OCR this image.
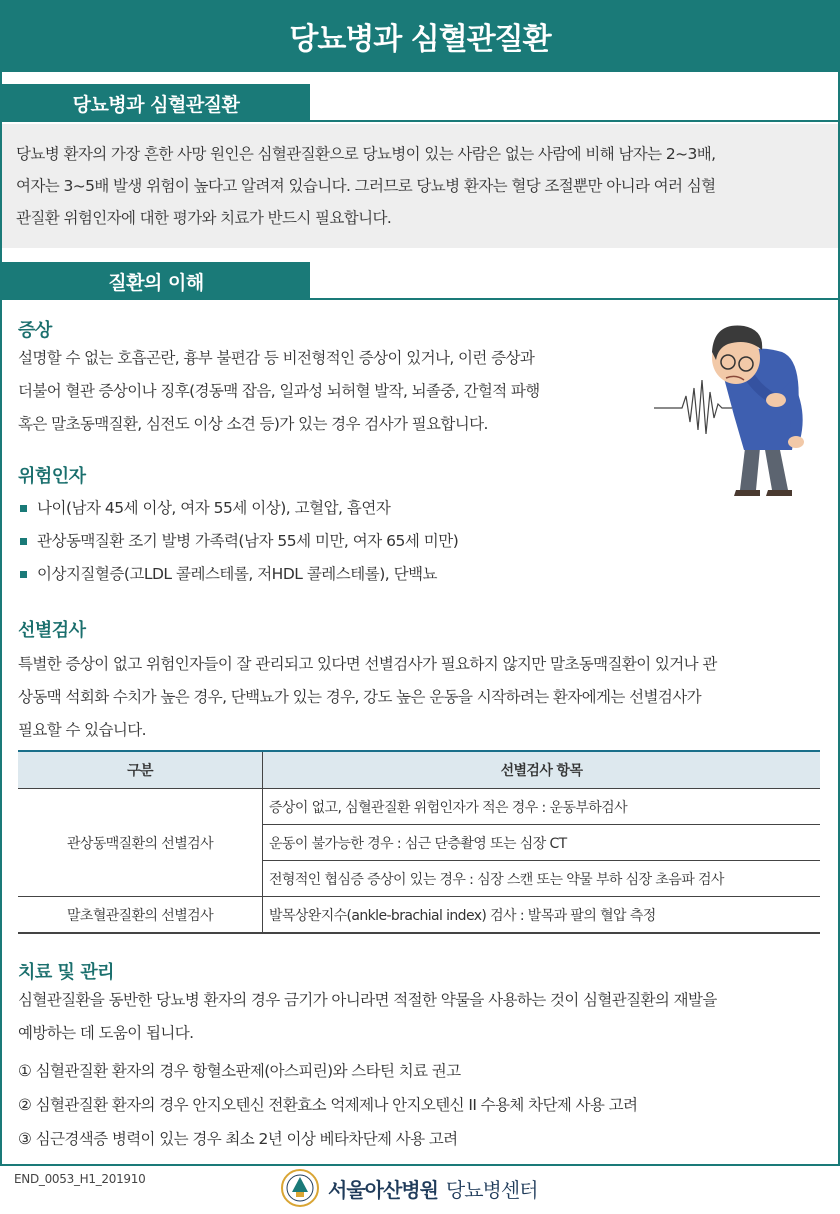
당뇨병과 심혈관질환
당뇨병과 심혈관질환
당뇨병 환자의 가장 흔한 사망 원인은 심혈관질환으로 당뇨병이 있는 사람은 없는 사람에 비해 남자는 2~3배,
여자는 3~5배 발생 위험이 높다고 알려져 있습니다. 그러므로 당뇨병 환자는 혈당 조절뿐만 아니라 여러 심혈
관질환 위험인자에 대한 평가와 치료가 반드시 필요합니다.
질환의 이해
증상
설명할 수 없는 호흡곤란, 흉부 불편감 등 비전형적인 증상이 있거나, 이런 증상과
더불어 혈관 증상이나 징후(경동맥 잡음, 일과성 뇌허혈 발작, 뇌졸중, 간헐적 파행
혹은 말초동맥질환, 심전도 이상 소견 등)가 있는 경우 검사가 필요합니다.
위험인자
나이(남자 45세 이상, 여자 55세 이상), 고혈압, 흡연자
관상동맥질환 조기 발병 가족력(남자 55세 미만, 여자 65세 미만)
이상지질혈증(고LDL 콜레스테롤, 저HDL 콜레스테롤), 단백뇨
선별검사
특별한 증상이 없고 위험인자들이 잘 관리되고 있다면 선별검사가 필요하지 않지만 말초동맥질환이 있거나 관
상동맥 석회화 수치가 높은 경우, 단백뇨가 있는 경우, 강도 높은 운동을 시작하려는 환자에게는 선별검사가
필요할 수 있습니다.
구분	선별검사 항목
관상동맥질환의 선별검사	증상이 없고, 심혈관질환 위험인자가 적은 경우 : 운동부하검사
	운동이 불가능한 경우 : 심근 단층촬영 또는 심장 CT
	전형적인 협심증 증상이 있는 경우 : 심장 스캔 또는 약물 부하 심장 초음파 검사
말초혈관질환의 선별검사	발목상완지수(ankle-brachial index) 검사 : 발목과 팔의 혈압 측정
치료 및 관리
심혈관질환을 동반한 당뇨병 환자의 경우 금기가 아니라면 적절한 약물을 사용하는 것이 심혈관질환의 재발을
예방하는 데 도움이 됩니다.
① 심혈관질환 환자의 경우 항혈소판제(아스피린)와 스타틴 치료 권고
② 심혈관질환 환자의 경우 안지오텐신 전환효소 억제제나 안지오텐신 II 수용체 차단제 사용 고려
③ 심근경색증 병력이 있는 경우 최소 2년 이상 베타차단제 사용 고려
END_0053_H1_201910	서울아산병원 당뇨병센터
